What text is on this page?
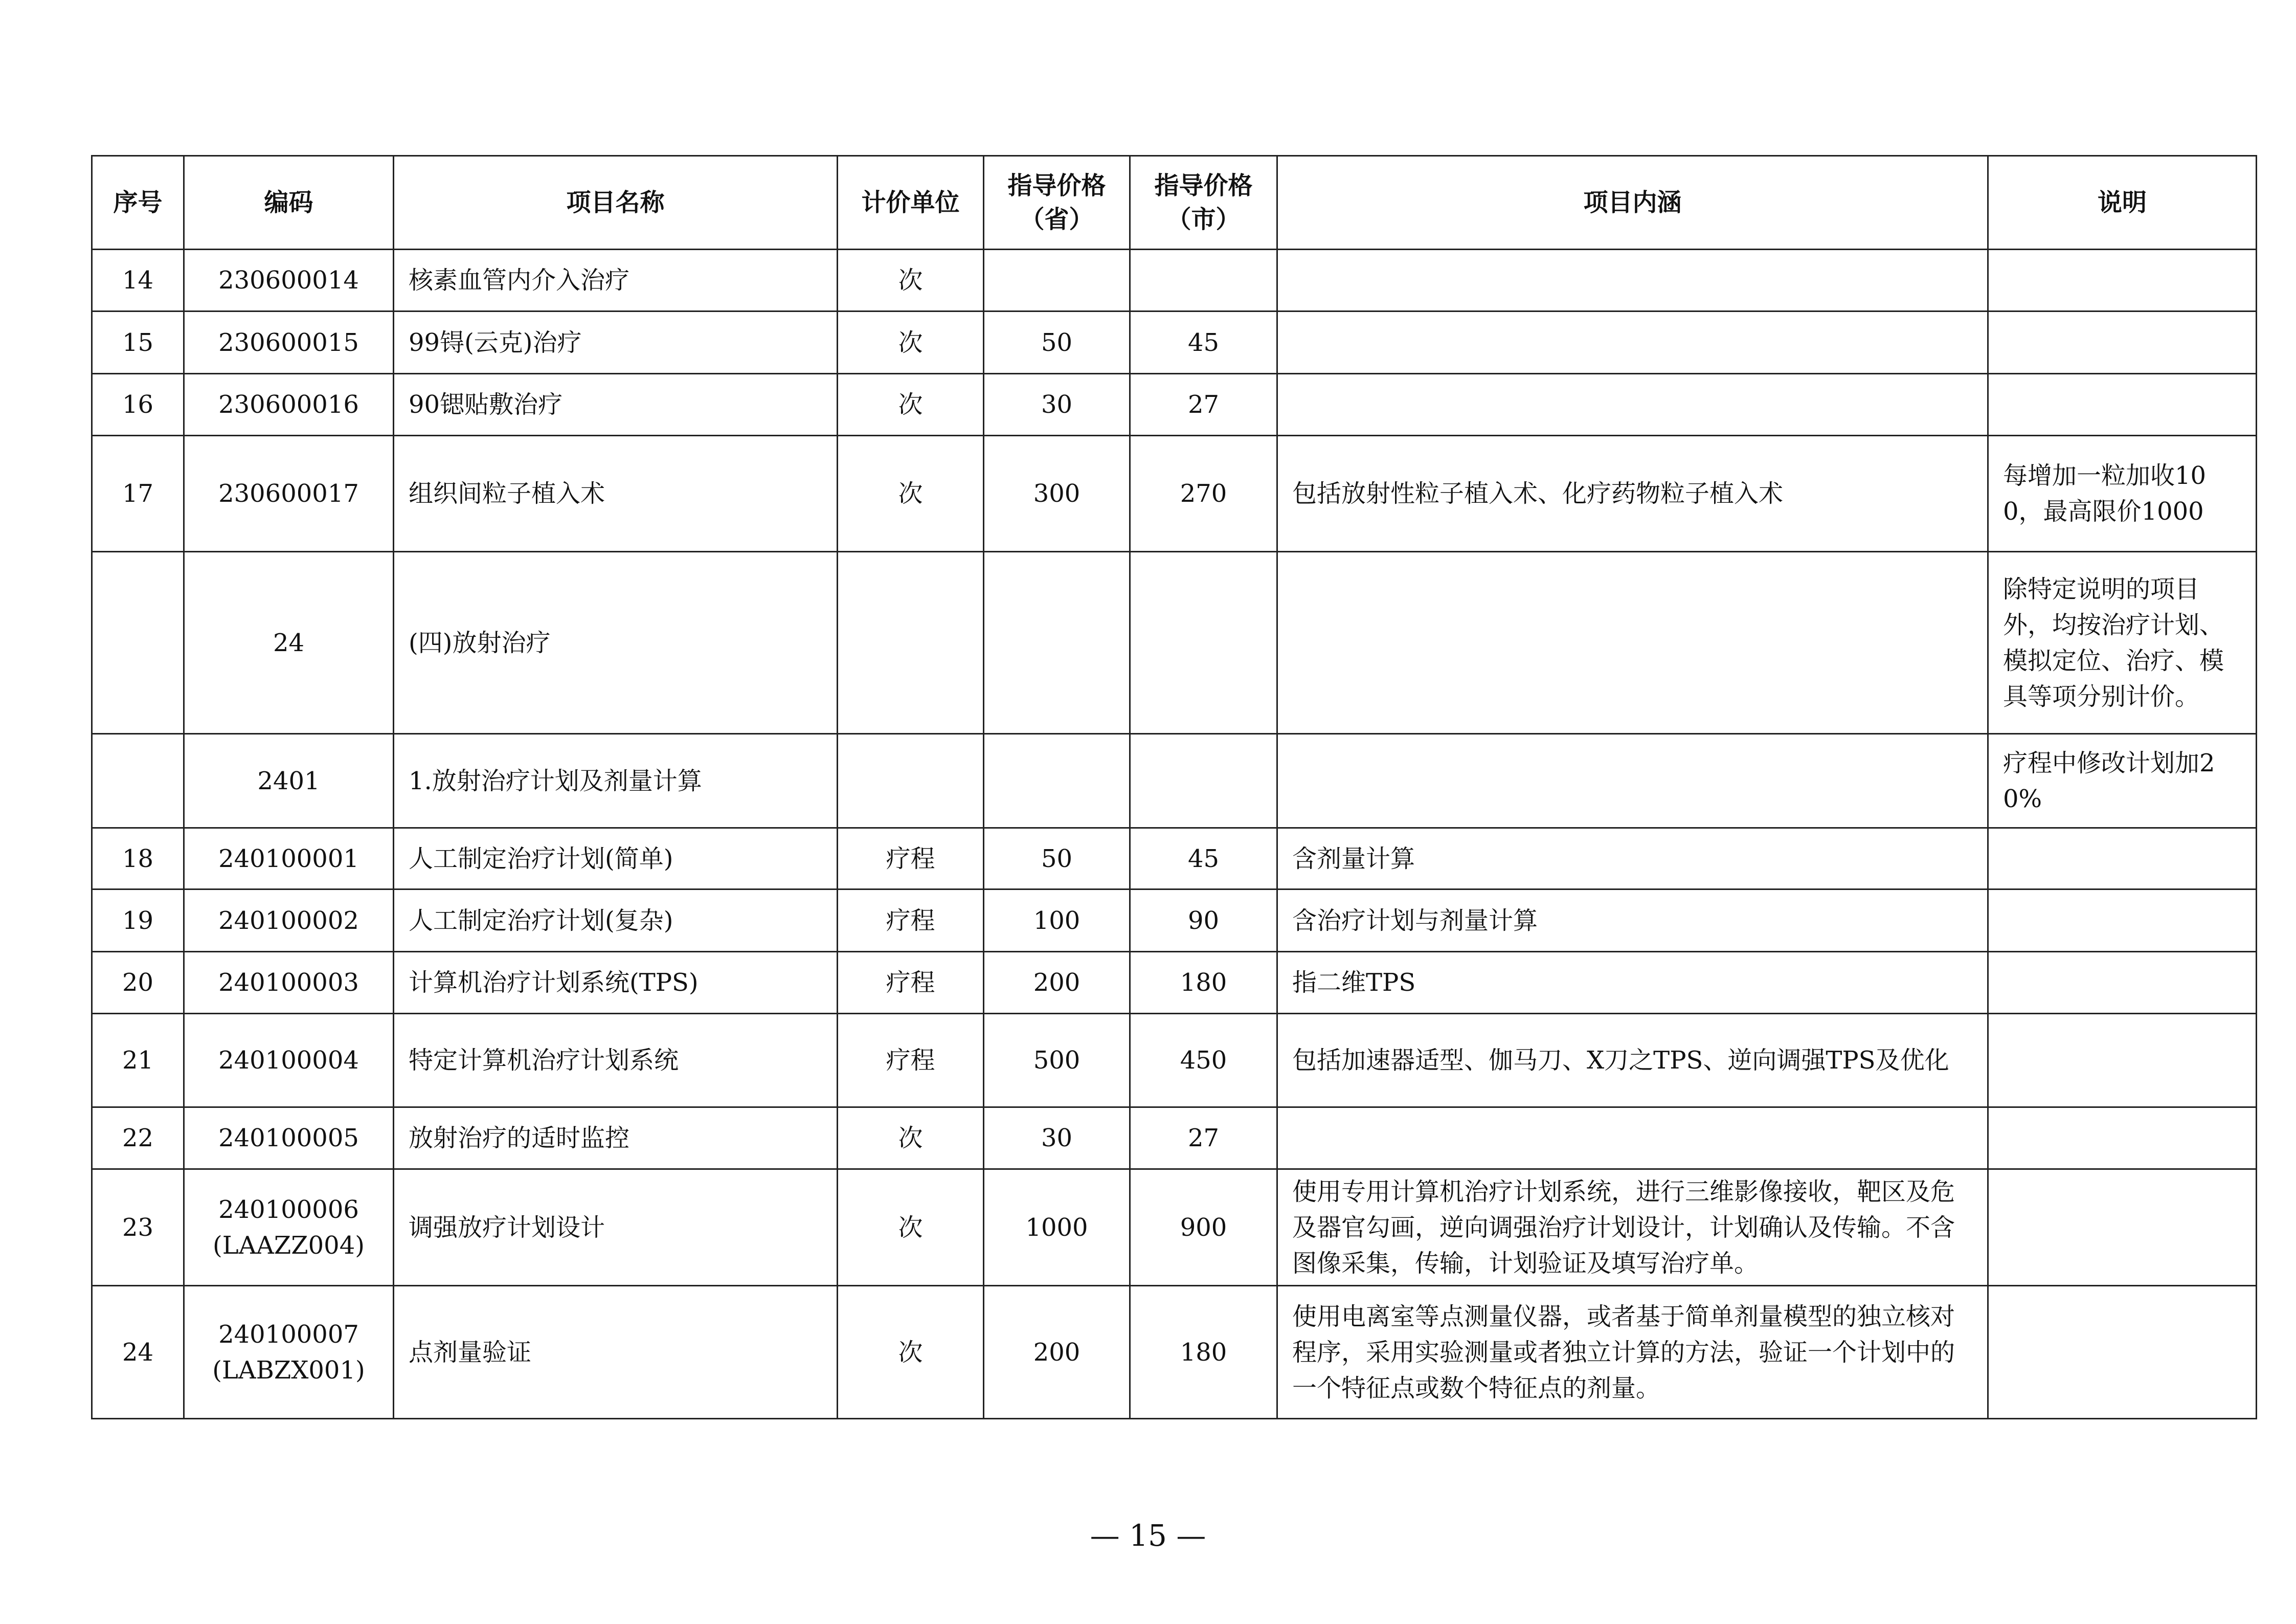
序号	编码	项目名称	计价单位	指导价格（省）	指导价格（市）	项目内涵	说明
14	230600014	核素血管内介入治疗	次				
15	230600015	99锝(云克)治疗	次	50	45		
16	230600016	90锶贴敷治疗	次	30	27		
17	230600017	组织间粒子植入术	次	300	270	包括放射性粒子植入术、化疗药物粒子植入术	每增加一粒加收100，最高限价1000
	24	(四)放射治疗					除特定说明的项目外，均按治疗计划、模拟定位、治疗、模具等项分别计价。
	2401	1.放射治疗计划及剂量计算					疗程中修改计划加20%
18	240100001	人工制定治疗计划(简单)	疗程	50	45	含剂量计算	
19	240100002	人工制定治疗计划(复杂)	疗程	100	90	含治疗计划与剂量计算	
20	240100003	计算机治疗计划系统(TPS)	疗程	200	180	指二维TPS	
21	240100004	特定计算机治疗计划系统	疗程	500	450	包括加速器适型、伽马刀、X刀之TPS、逆向调强TPS及优化	
22	240100005	放射治疗的适时监控	次	30	27		
23	240100006
(LAAZZ004)	调强放疗计划设计	次	1000	900	使用专用计算机治疗计划系统，进行三维影像接收，靶区及危及器官勾画，逆向调强治疗计划设计，计划确认及传输。不含图像采集，传输，计划验证及填写治疗单。	
24	240100007
(LABZX001)	点剂量验证	次	200	180	使用电离室等点测量仪器，或者基于简单剂量模型的独立核对程序，采用实验测量或者独立计算的方法，验证一个计划中的一个特征点或数个特征点的剂量。	
— 15 —
